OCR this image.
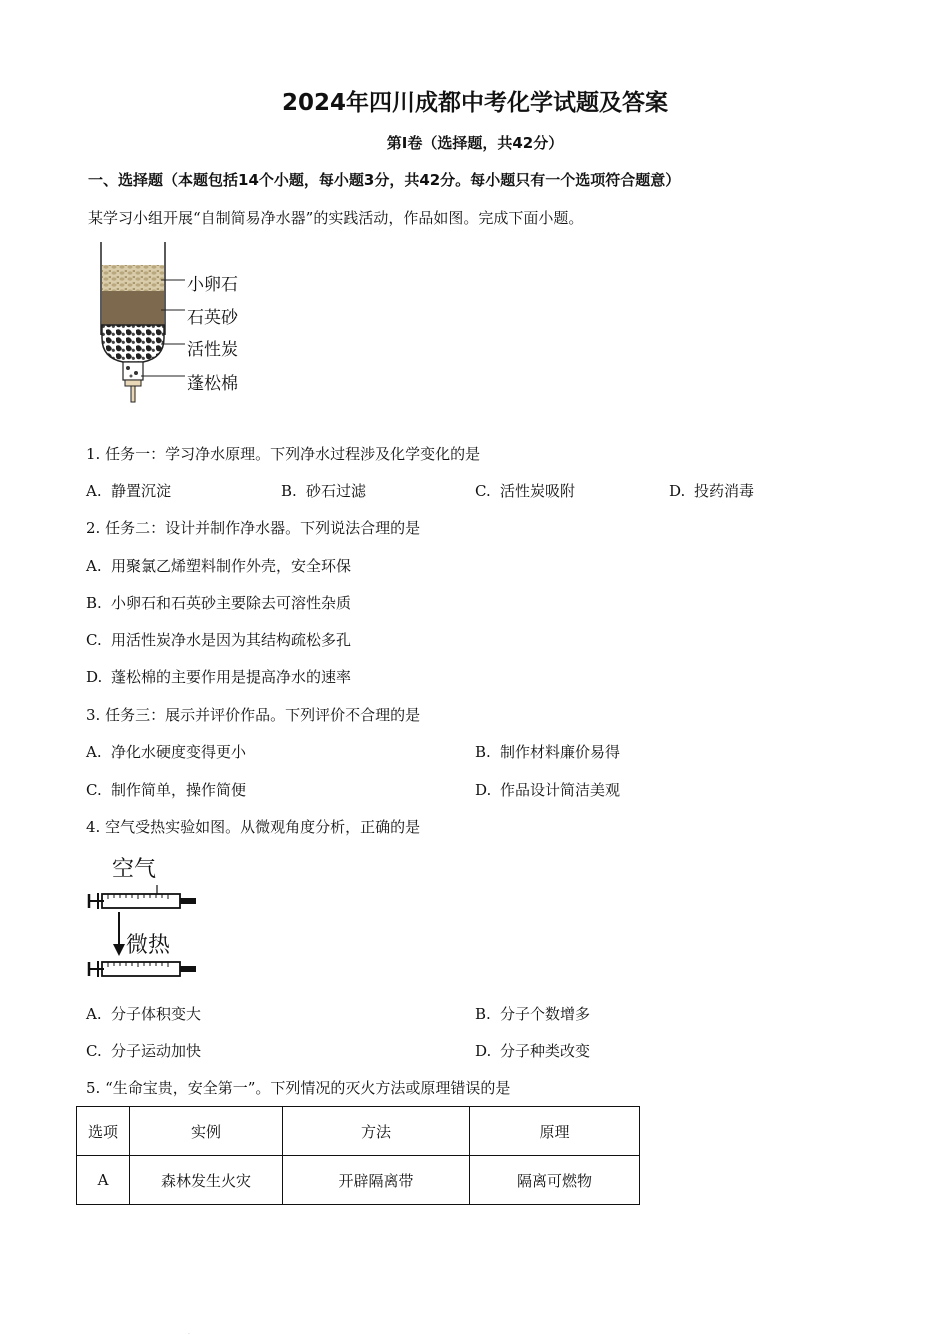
2024年四川成都中考化学试题及答案
第I卷（选择题，共42分）
一、选择题（本题包括14个小题，每小题3分，共42分。每小题只有一个选项符合题意）
某学习小组开展“自制简易净水器”的实践活动，作品如图。完成下面小题。
小卵石
石英砂
活性炭
蓬松棉
1. 任务一：学习净水原理。下列净水过程涉及化学变化的是
A. 静置沉淀	B. 砂石过滤	C. 活性炭吸附	D. 投药消毒
2. 任务二：设计并制作净水器。下列说法合理的是
A. 用聚氯乙烯塑料制作外壳，安全环保
B. 小卵石和石英砂主要除去可溶性杂质
C. 用活性炭净水是因为其结构疏松多孔
D. 蓬松棉的主要作用是提高净水的速率
3. 任务三：展示并评价作品。下列评价不合理的是
A. 净化水硬度变得更小	B. 制作材料廉价易得
C. 制作简单，操作简便	D. 作品设计简洁美观
4. 空气受热实验如图。从微观角度分析，正确的是
空气
微热
A. 分子体积变大	B. 分子个数增多
C. 分子运动加快	D. 分子种类改变
5. “生命宝贵，安全第一”。下列情况的灭火方法或原理错误的是
选项	实例	方法	原理
A	森林发生火灾	开辟隔离带	隔离可燃物
·
